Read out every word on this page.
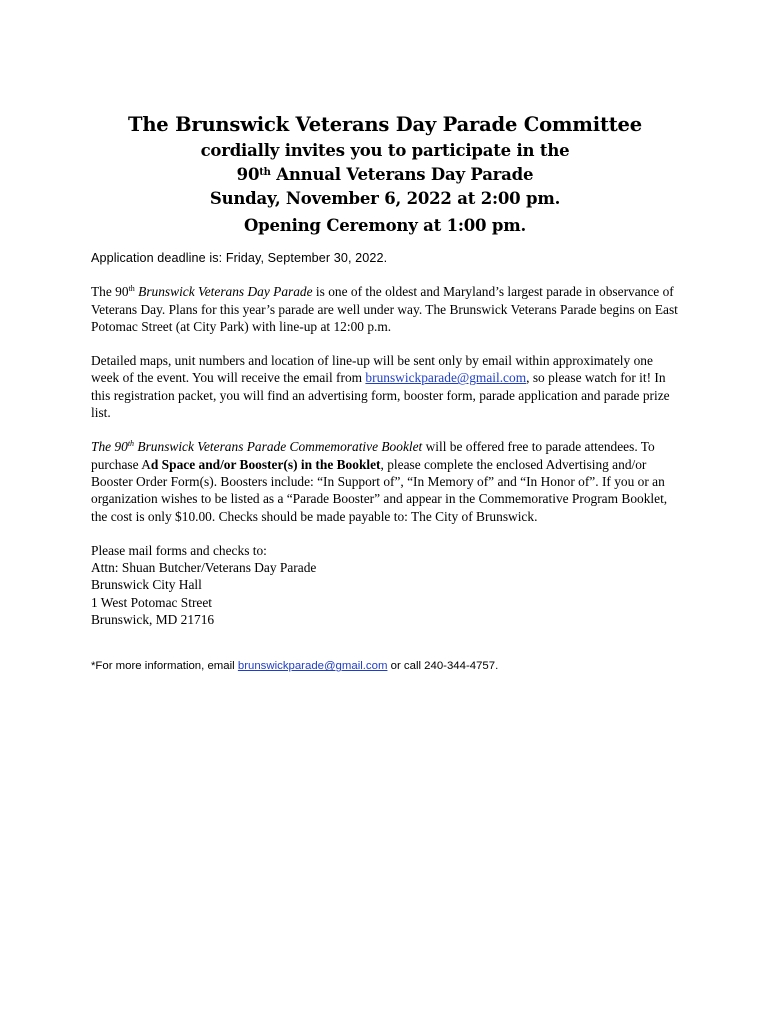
The Brunswick Veterans Day Parade Committee
cordially invites you to participate in the
90th Annual Veterans Day Parade
Sunday, November 6, 2022 at 2:00 pm.
Opening Ceremony at 1:00 pm.

Application deadline is: Friday, September 30, 2022.

The 90th Brunswick Veterans Day Parade is one of the oldest and Maryland’s largest parade in observance of Veterans Day. Plans for this year’s parade are well under way. The Brunswick Veterans Parade begins on East Potomac Street (at City Park) with line-up at 12:00 p.m.

Detailed maps, unit numbers and location of line-up will be sent only by email within approximately one week of the event. You will receive the email from brunswickparade@gmail.com, so please watch for it! In this registration packet, you will find an advertising form, booster form, parade application and parade prize list.

The 90th Brunswick Veterans Parade Commemorative Booklet will be offered free to parade attendees. To purchase Ad Space and/or Booster(s) in the Booklet, please complete the enclosed Advertising and/or Booster Order Form(s). Boosters include: “In Support of”, “In Memory of” and “In Honor of”. If you or an organization wishes to be listed as a “Parade Booster” and appear in the Commemorative Program Booklet, the cost is only $10.00. Checks should be made payable to: The City of Brunswick.

Please mail forms and checks to:

Attn: Shuan Butcher/Veterans Day Parade

Brunswick City Hall

1 West Potomac Street

Brunswick, MD 21716

*For more information, email brunswickparade@gmail.com or call 240-344-4757.
